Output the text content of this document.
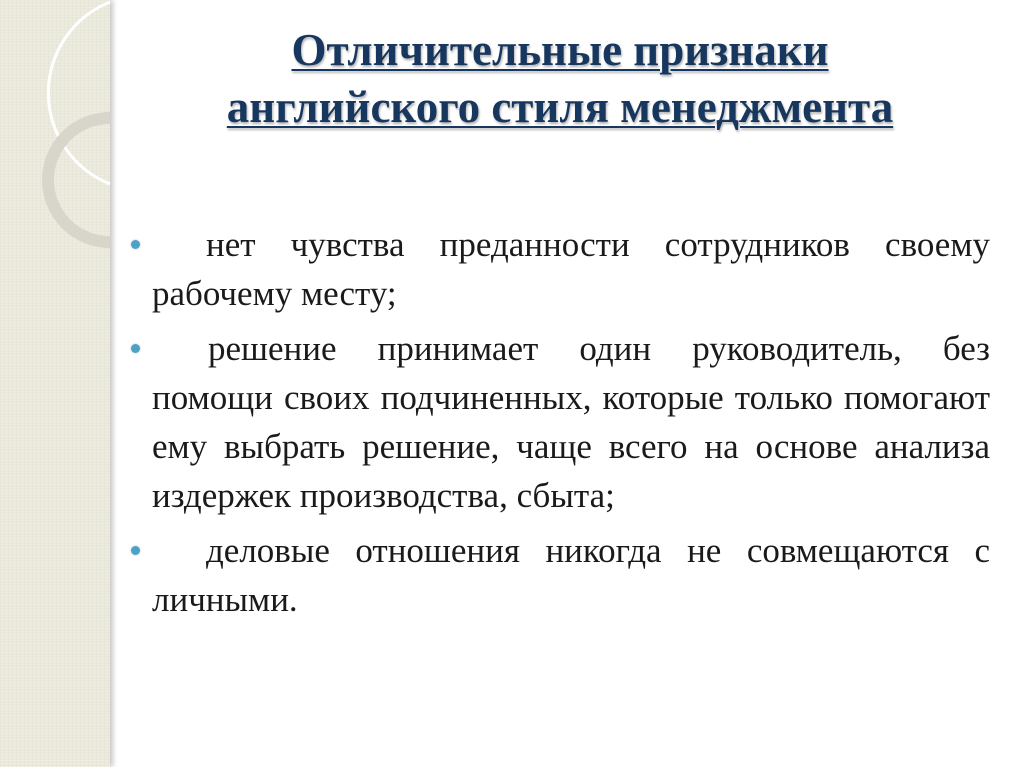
Отличительные признаки
английского стиля менеджмента
нет чувства преданности сотрудников своему рабочему месту;
решение принимает один руководитель, без помощи своих подчиненных, которые только помогают ему выбрать решение, чаще всего на основе анализа издержек производства, сбыта;
деловые отношения никогда не совмещаются с личными.
